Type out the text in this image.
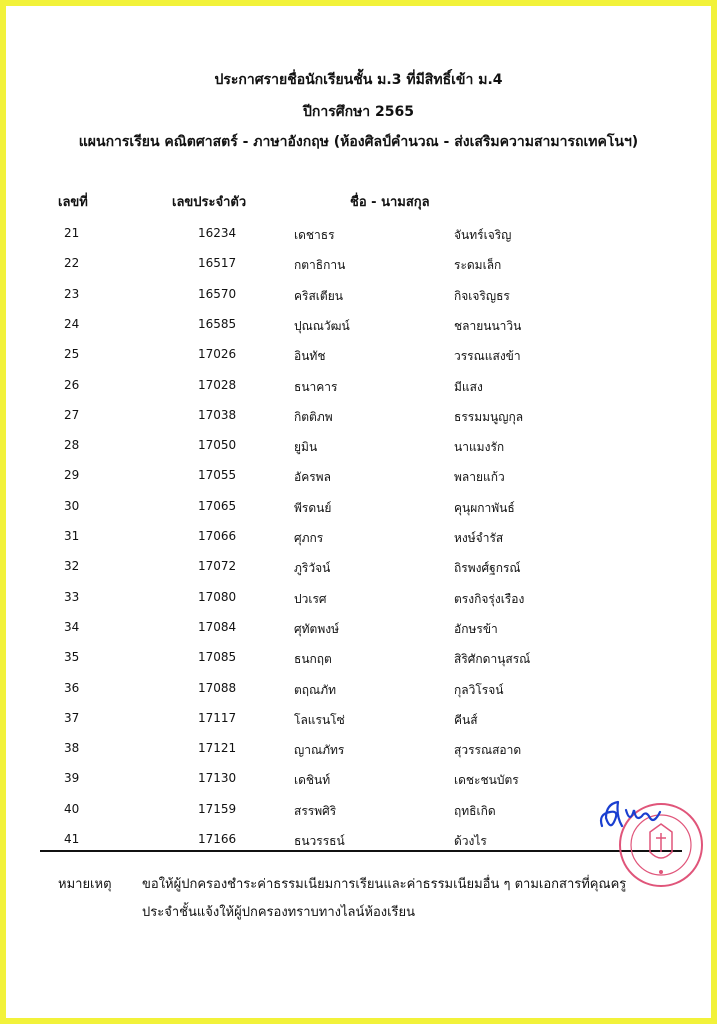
ประกาศรายชื่อนักเรียนชั้น ม.3 ที่มีสิทธิ์เข้า ม.4
ปีการศึกษา 2565
แผนการเรียน คณิตศาสตร์ - ภาษาอังกฤษ (ห้องศิลป์คำนวณ - ส่งเสริมความสามารถเทคโนฯ)
เลขที่	เลขประจำตัว	ชื่อ - นามสกุล
21	16234	เดชาธร	จันทร์เจริญ
22	16517	กตาธิกาน	ระดมเล็ก
23	16570	คริสเตียน	กิจเจริญธร
24	16585	ปุณณวัฒน์	ชลายนนาวิน
25	17026	อินทัช	วรรณแสงข้า
26	17028	ธนาคาร	มีแสง
27	17038	กิตติภพ	ธรรมมนูญกุล
28	17050	ยูมิน	นาแมงรัก
29	17055	อัครพล	พลายแก้ว
30	17065	พีรดนย์	คุนุผกาพันธ์
31	17066	ศุภกร	หงษ์จำรัส
32	17072	ภูริวัจน์	ถิรพงศ์ฐกรณ์
33	17080	ปวเรศ	ตรงกิจรุ่งเรือง
34	17084	ศุทัตพงษ์	อักษรข้า
35	17085	ธนกฤต	สิริศักดานุสรณ์
36	17088	ตฤณภัท	กุลวิโรจน์
37	17117	โลแรนโซ่	คีนส์
38	17121	ญาณภัทร	สุวรรณสอาด
39	17130	เดชินท์	เดชะชนบัตร
40	17159	สรรพศิริ	ฤทธิเกิด
41	17166	ธนวรรธน์	ด้วงไร
หมายเหตุ ขอให้ผู้ปกครองชำระค่าธรรมเนียมการเรียนและค่าธรรมเนียมอื่น ๆ ตามเอกสารที่คุณครู
ประจำชั้นแจ้งให้ผู้ปกครองทราบทางไลน์ห้องเรียน
